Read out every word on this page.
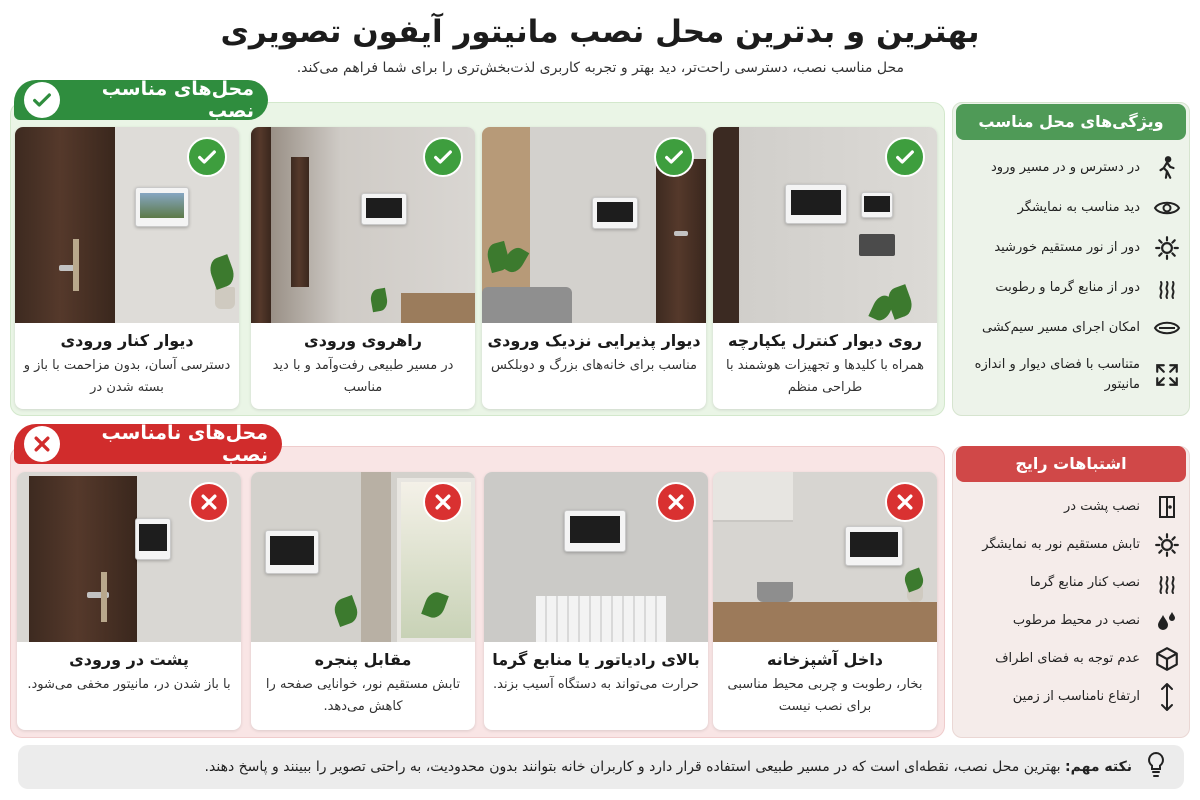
بهترین و بدترین محل نصب مانیتور آیفون تصویری
محل مناسب نصب، دسترسی راحت‌تر، دید بهتر و تجربه کاربری لذت‌بخش‌تری را برای شما فراهم می‌کند.
محل‌های مناسب نصب
روی دیوار کنترل یکپارچه
همراه با کلیدها و تجهیزات هوشمند با طراحی منظم
دیوار پذیرایی نزدیک ورودی
مناسب برای خانه‌های بزرگ و دوبلکس
راهروی ورودی
در مسیر طبیعی رفت‌وآمد و با دید مناسب
دیوار کنار ورودی
دسترسی آسان، بدون مزاحمت با باز و بسته شدن در
محل‌های نامناسب نصب
داخل آشپزخانه
بخار، رطوبت و چربی محیط مناسبی برای نصب نیست
بالای رادیاتور یا منابع گرما
حرارت می‌تواند به دستگاه آسیب بزند.
مقابل پنجره
تابش مستقیم نور، خوانایی صفحه را کاهش می‌دهد.
پشت در ورودی
با باز شدن در، مانیتور مخفی می‌شود.
ویژگی‌های محل مناسب
در دسترس و در مسیر ورود
دید مناسب به نمایشگر
دور از نور مستقیم خورشید
دور از منابع گرما و رطوبت
امکان اجرای مسیر سیم‌کشی
متناسب با فضای دیوار و اندازه مانیتور
اشتباهات رایج
نصب پشت در
تابش مستقیم نور به نمایشگر
نصب کنار منابع گرما
نصب در محیط مرطوب
عدم توجه به فضای اطراف
ارتفاع نامناسب از زمین
نکته مهم: بهترین محل نصب، نقطه‌ای است که در مسیر طبیعی استفاده قرار دارد و کاربران خانه بتوانند بدون محدودیت، به راحتی تصویر را ببینند و پاسخ دهند.
